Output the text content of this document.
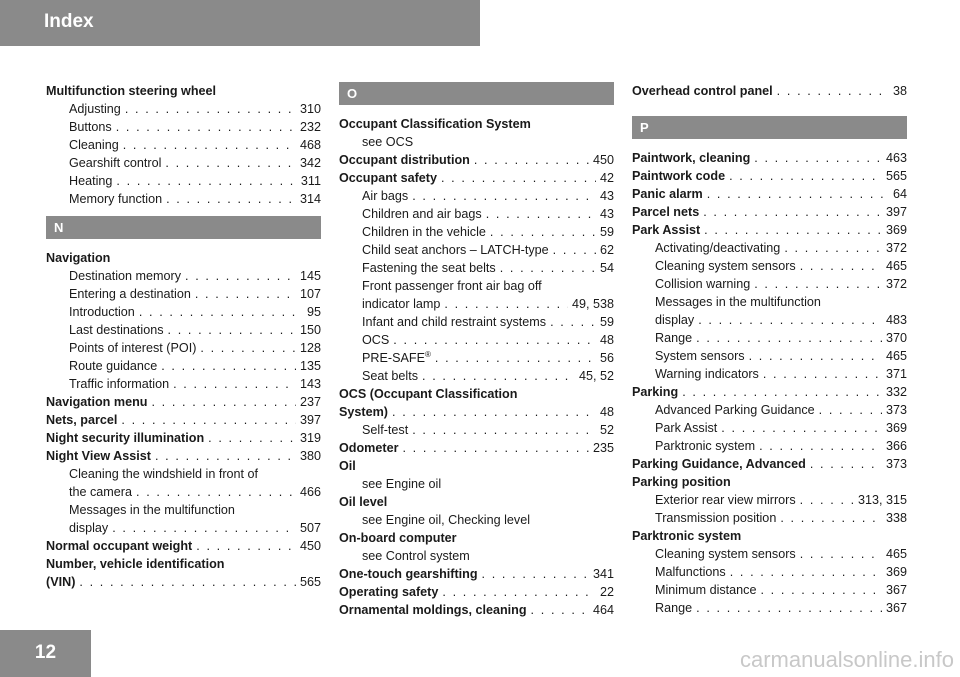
Index
Multifunction steering wheel
Adjusting . . .	310
Buttons . . .	232
Cleaning . . .	468
Gearshift control . . .	342
Heating . . .	311
Memory function . . .	314
N
Navigation
Destination memory . . .	145
Entering a destination . . .	107
Introduction . . .	95
Last destinations . . .	150
Points of interest (POI) . . .	128
Route guidance . . .	135
Traffic information . . .	143
Navigation menu . . .	237
Nets, parcel . . .	397
Night security illumination . . .	319
Night View Assist . . .	380
Cleaning the windshield in front of
the camera . . .	466
Messages in the multifunction
display . . .	507
Normal occupant weight . . .	450
Number, vehicle identification
(VIN) . . .	565
O
Occupant Classification System
see OCS
Occupant distribution . . .	450
Occupant safety . . .	42
Air bags . . .	43
Children and air bags . . .	43
Children in the vehicle . . .	59
Child seat anchors – LATCH-type . . .	62
Fastening the seat belts . . .	54
Front passenger front air bag off
indicator lamp . . .	49, 538
Infant and child restraint systems . . .	59
OCS . . .	48
PRE-SAFE® . . .	56
Seat belts . . .	45, 52
OCS (Occupant Classification
System) . . .	48
Self-test . . .	52
Odometer . . .	235
Oil
see Engine oil
Oil level
see Engine oil, Checking level
On-board computer
see Control system
One-touch gearshifting . . .	341
Operating safety . . .	22
Ornamental moldings, cleaning . . .	464
Overhead control panel . . .	38
P
Paintwork, cleaning . . .	463
Paintwork code . . .	565
Panic alarm . . .	64
Parcel nets . . .	397
Park Assist . . .	369
Activating/deactivating . . .	372
Cleaning system sensors . . .	465
Collision warning . . .	372
Messages in the multifunction
display . . .	483
Range . . .	370
System sensors . . .	465
Warning indicators . . .	371
Parking . . .	332
Advanced Parking Guidance . . .	373
Park Assist . . .	369
Parktronic system . . .	366
Parking Guidance, Advanced . . .	373
Parking position
Exterior rear view mirrors . . .	313, 315
Transmission position . . .	338
Parktronic system
Cleaning system sensors . . .	465
Malfunctions . . .	369
Minimum distance . . .	367
Range . . .	367
12	carmanualsonline.info
